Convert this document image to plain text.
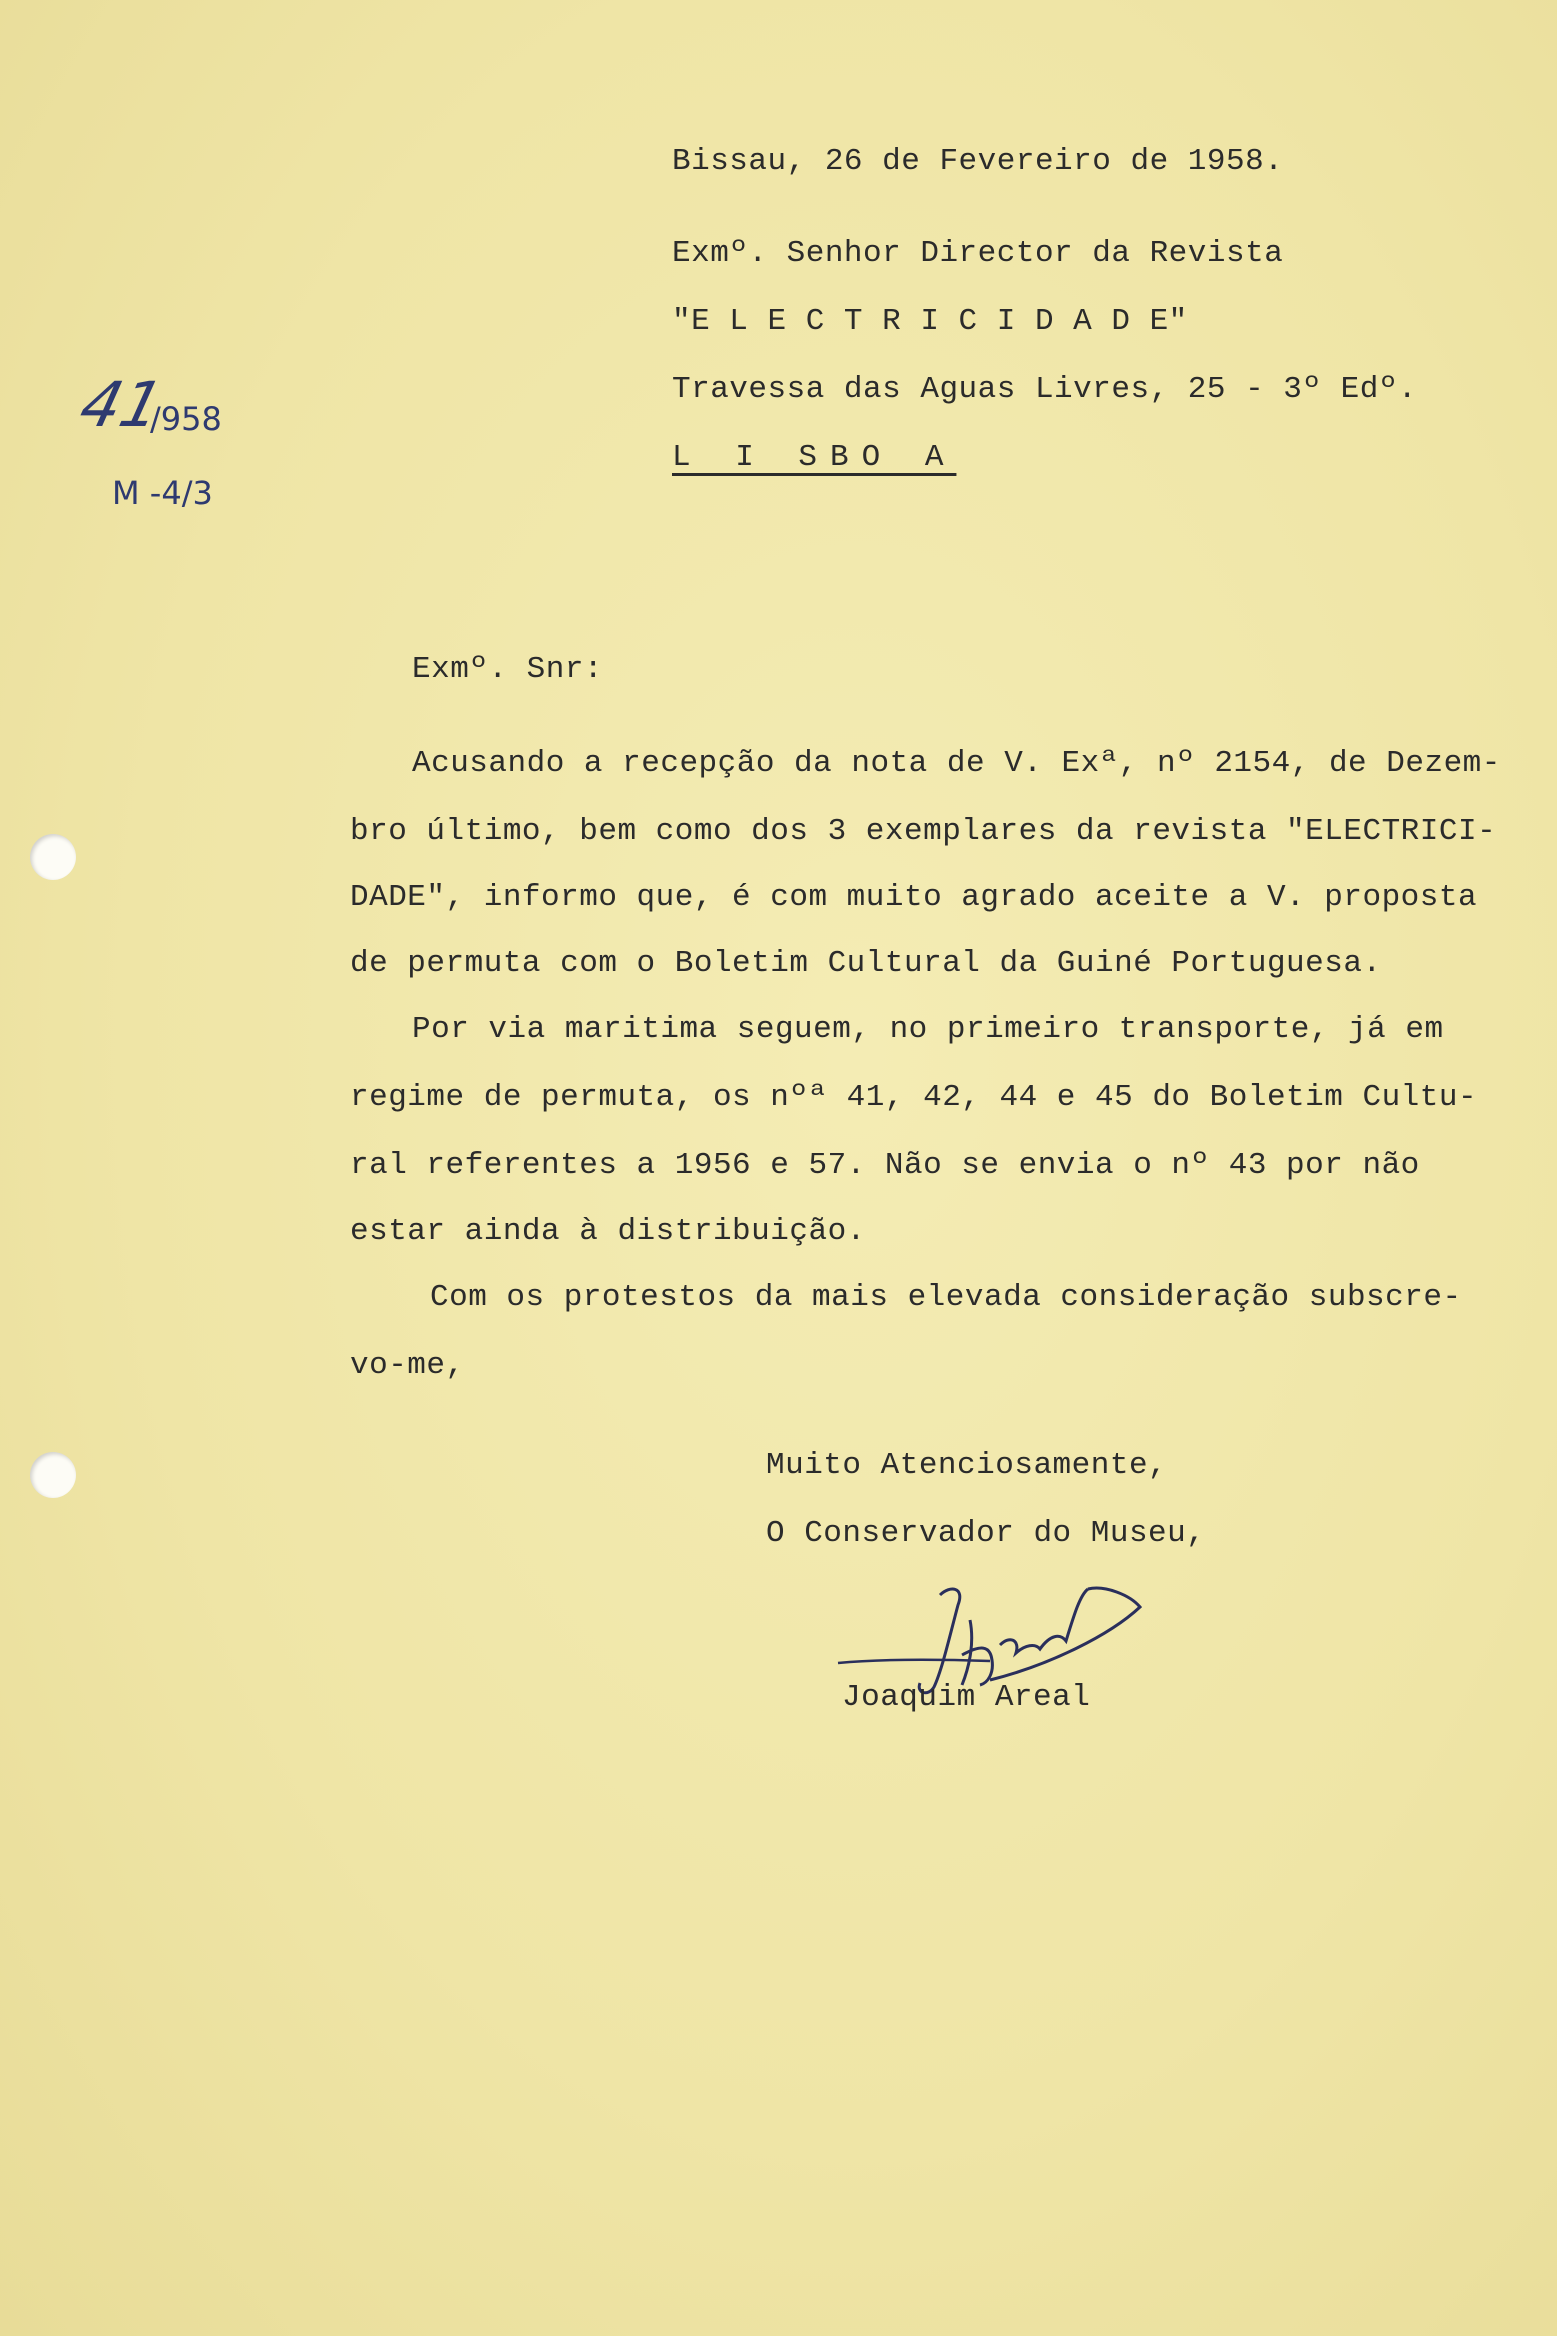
41
/958
M -4/3

Bissau, 26 de Fevereiro de 1958.

Exmº. Senhor Director da Revista

"E L E C T R I C I D A D E"

Travessa das Aguas Livres, 25 - 3º Edº.

L I SBO A

Exmº. Snr:

Acusando a recepção da nota de V. Exª, nº 2154, de Dezem-

bro último, bem como dos 3 exemplares da revista "ELECTRICI-

DADE", informo que, é com muito agrado aceite a V. proposta

de permuta com o Boletim Cultural da Guiné Portuguesa.

Por via maritima seguem, no primeiro transporte, já em

regime de permuta, os nºª 41, 42, 44 e 45 do Boletim Cultu-

ral referentes a 1956 e 57. Não se envia o nº 43 por não

estar ainda à distribuição.

Com os protestos da mais elevada consideração subscre-

vo-me,

Muito Atenciosamente,

O Conservador do Museu,

Joaquim Areal
